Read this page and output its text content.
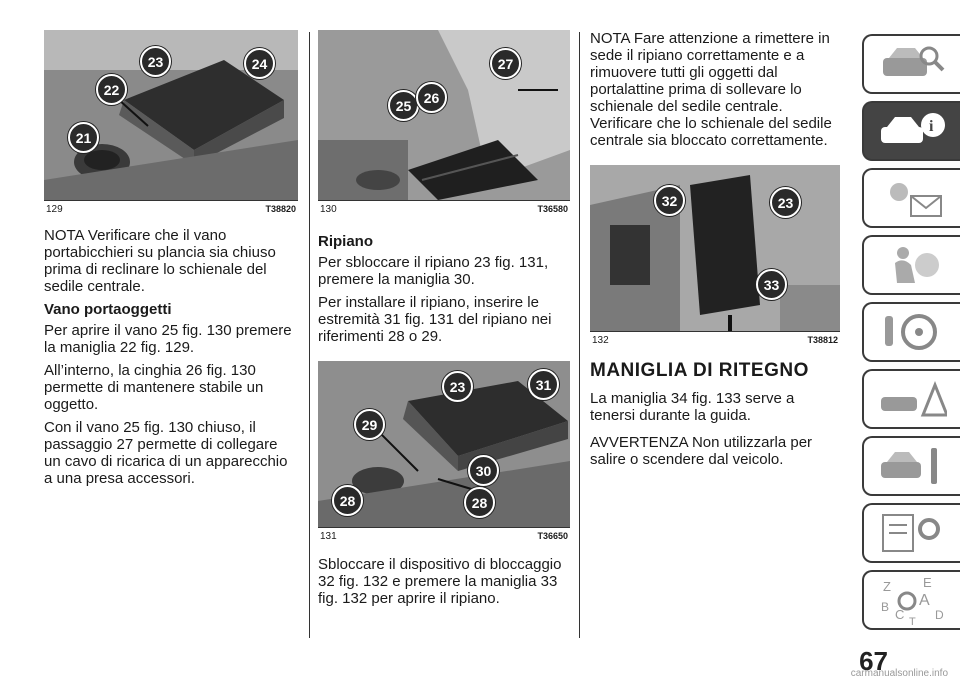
23	24
22
21
129	T38820

NOTA Verificare che il vano portabicchieri su plancia sia chiuso prima di reclinare lo schienale del sedile centrale.

Vano portaoggetti

Per aprire il vano 25 fig. 130 premere la maniglia 22 fig. 129.

All’interno, la cinghia 26 fig. 130 permette di mantenere stabile un oggetto.

Con il vano 25 fig. 130 chiuso, il passaggio 27 permette di collegare un cavo di ricarica di un apparecchio a una presa accessori.

27
25 26
130	T36580
Ripiano

Per sbloccare il ripiano 23 fig. 131, premere la maniglia 30.

Per installare il ripiano, inserire le estremità 31 fig. 131 del ripiano nei riferimenti 28 o 29.

23	31
29
30
28	28
131	T36650

Sbloccare il dispositivo di bloccaggio 32 fig. 132 e premere la maniglia 33 fig. 132 per aprire il ripiano.

NOTA Fare attenzione a rimettere in sede il ripiano correttamente e a rimuovere tutti gli oggetti dal portalattine prima di sollevare lo schienale del sedile centrale. Verificare che lo schienale del sedile centrale sia bloccato correttamente.

32	23
33
132	T38812
MANIGLIA DI RITEGNO

La maniglia 34 fig. 133 serve a tenersi durante la guida.

AVVERTENZA Non utilizzarla per salire o scendere dal veicolo.

i
Z E
A
B C	D
T
67
carmanualsonline.info
